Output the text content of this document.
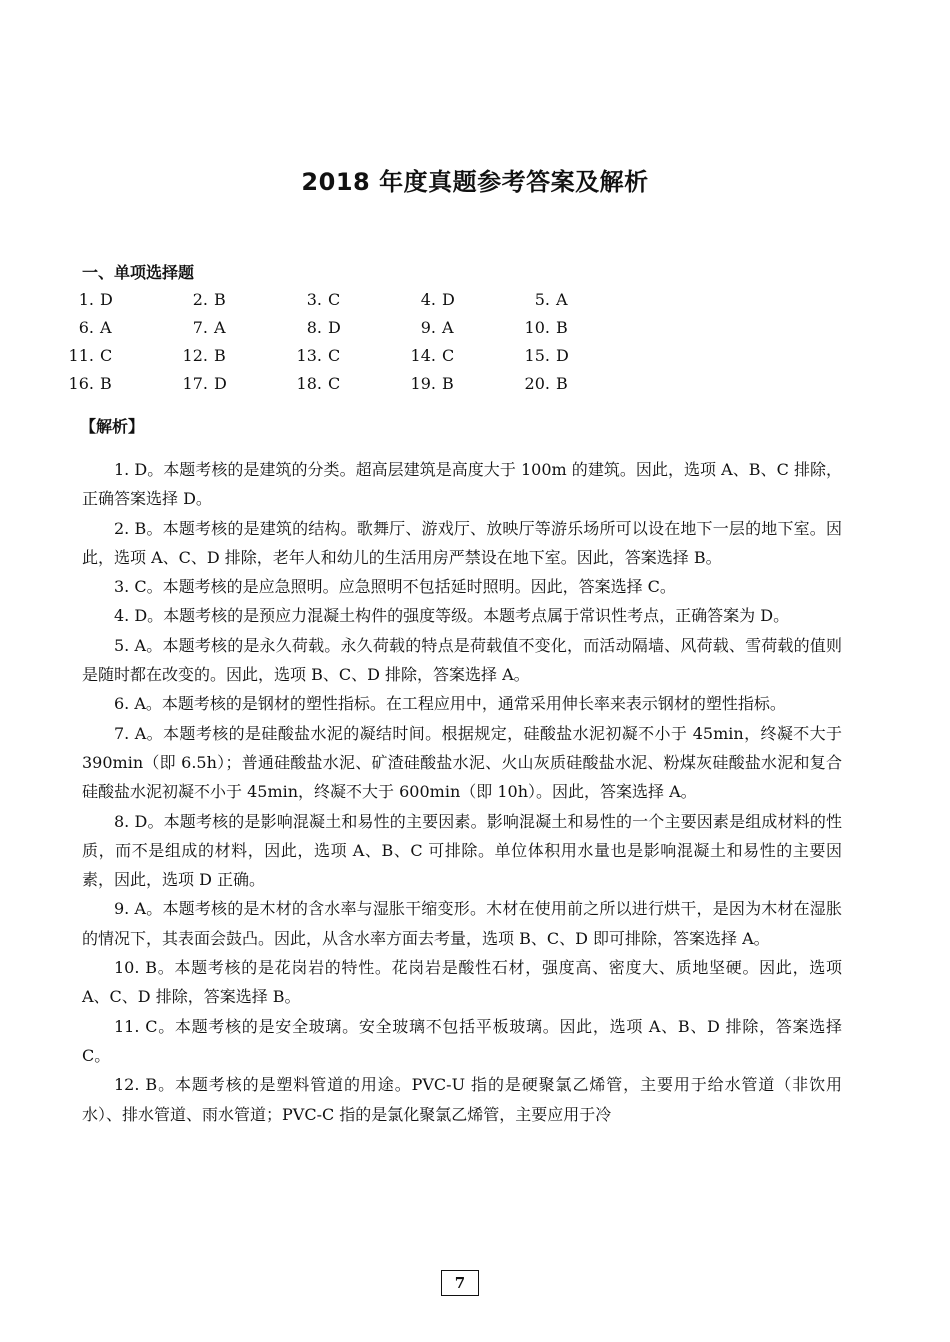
2018 年度真题参考答案及解析
一、单项选择题
1. D	2. B	3. C	4. D	5. A
6. A	7. A	8. D	9. A	10. B
11. C	12. B	13. C	14. C	15. D
16. B	17. D	18. C	19. B	20. B
【解析】

1. D。本题考核的是建筑的分类。超高层建筑是高度大于 100m 的建筑。因此，选项 A、B、C 排除，正确答案选择 D。

2. B。本题考核的是建筑的结构。歌舞厅、游戏厅、放映厅等游乐场所可以设在地下一层的地下室。因此，选项 A、C、D 排除，老年人和幼儿的生活用房严禁设在地下室。因此，答案选择 B。

3. C。本题考核的是应急照明。应急照明不包括延时照明。因此，答案选择 C。

4. D。本题考核的是预应力混凝土构件的强度等级。本题考点属于常识性考点，正确答案为 D。

5. A。本题考核的是永久荷载。永久荷载的特点是荷载值不变化，而活动隔墙、风荷载、雪荷载的值则是随时都在改变的。因此，选项 B、C、D 排除，答案选择 A。

6. A。本题考核的是钢材的塑性指标。在工程应用中，通常采用伸长率来表示钢材的塑性指标。

7. A。本题考核的是硅酸盐水泥的凝结时间。根据规定，硅酸盐水泥初凝不小于 45min，终凝不大于 390min（即 6.5h）；普通硅酸盐水泥、矿渣硅酸盐水泥、火山灰质硅酸盐水泥、粉煤灰硅酸盐水泥和复合硅酸盐水泥初凝不小于 45min，终凝不大于 600min（即 10h）。因此，答案选择 A。

8. D。本题考核的是影响混凝土和易性的主要因素。影响混凝土和易性的一个主要因素是组成材料的性质，而不是组成的材料，因此，选项 A、B、C 可排除。单位体积用水量也是影响混凝土和易性的主要因素，因此，选项 D 正确。

9. A。本题考核的是木材的含水率与湿胀干缩变形。木材在使用前之所以进行烘干，是因为木材在湿胀的情况下，其表面会鼓凸。因此，从含水率方面去考量，选项 B、C、D 即可排除，答案选择 A。

10. B。本题考核的是花岗岩的特性。花岗岩是酸性石材，强度高、密度大、质地坚硬。因此，选项 A、C、D 排除，答案选择 B。

11. C。本题考核的是安全玻璃。安全玻璃不包括平板玻璃。因此，选项 A、B、D 排除，答案选择 C。

12. B。本题考核的是塑料管道的用途。PVC-U 指的是硬聚氯乙烯管，主要用于给水管道（非饮用水）、排水管道、雨水管道；PVC-C 指的是氯化聚氯乙烯管，主要应用于冷

7
